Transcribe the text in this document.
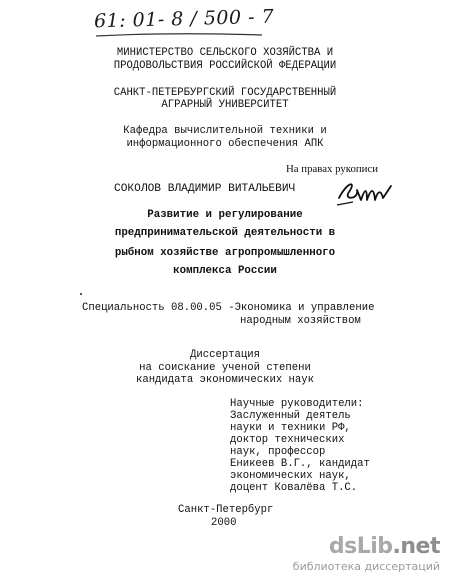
61: 01- 8 / 500 - 7
МИНИСТЕРСТВО СЕЛЬСКОГО ХОЗЯЙСТВА И
ПРОДОВОЛЬСТВИЯ РОССИЙСКОЙ ФЕДЕРАЦИИ
САНКТ-ПЕТЕРБУРГСКИЙ ГОСУДАРСТВЕННЫЙ
АГРАРНЫЙ УНИВЕРСИТЕТ
Кафедра вычислительной техники и
информационного обеспечения АПК
На правах рукописи
СОКОЛОВ ВЛАДИМИР ВИТАЛЬЕВИЧ
Развитие и регулирование
предпринимательской деятельности в
рыбном хозяйстве агропромышленного
комплекса России
Специальность 08.00.05 -Экономика и управление
народным хозяйством
Диссертация
на соискание ученой степени
кандидата экономических наук
Научные руководители:
Заслуженный деятель
науки и техники РФ,
доктор технических
наук, профессор
Еникеев В.Г., кандидат
экономических наук,
доцент Ковалёва Т.С.
Санкт-Петербург
2000
dsLib.net
библиотека диссертаций
